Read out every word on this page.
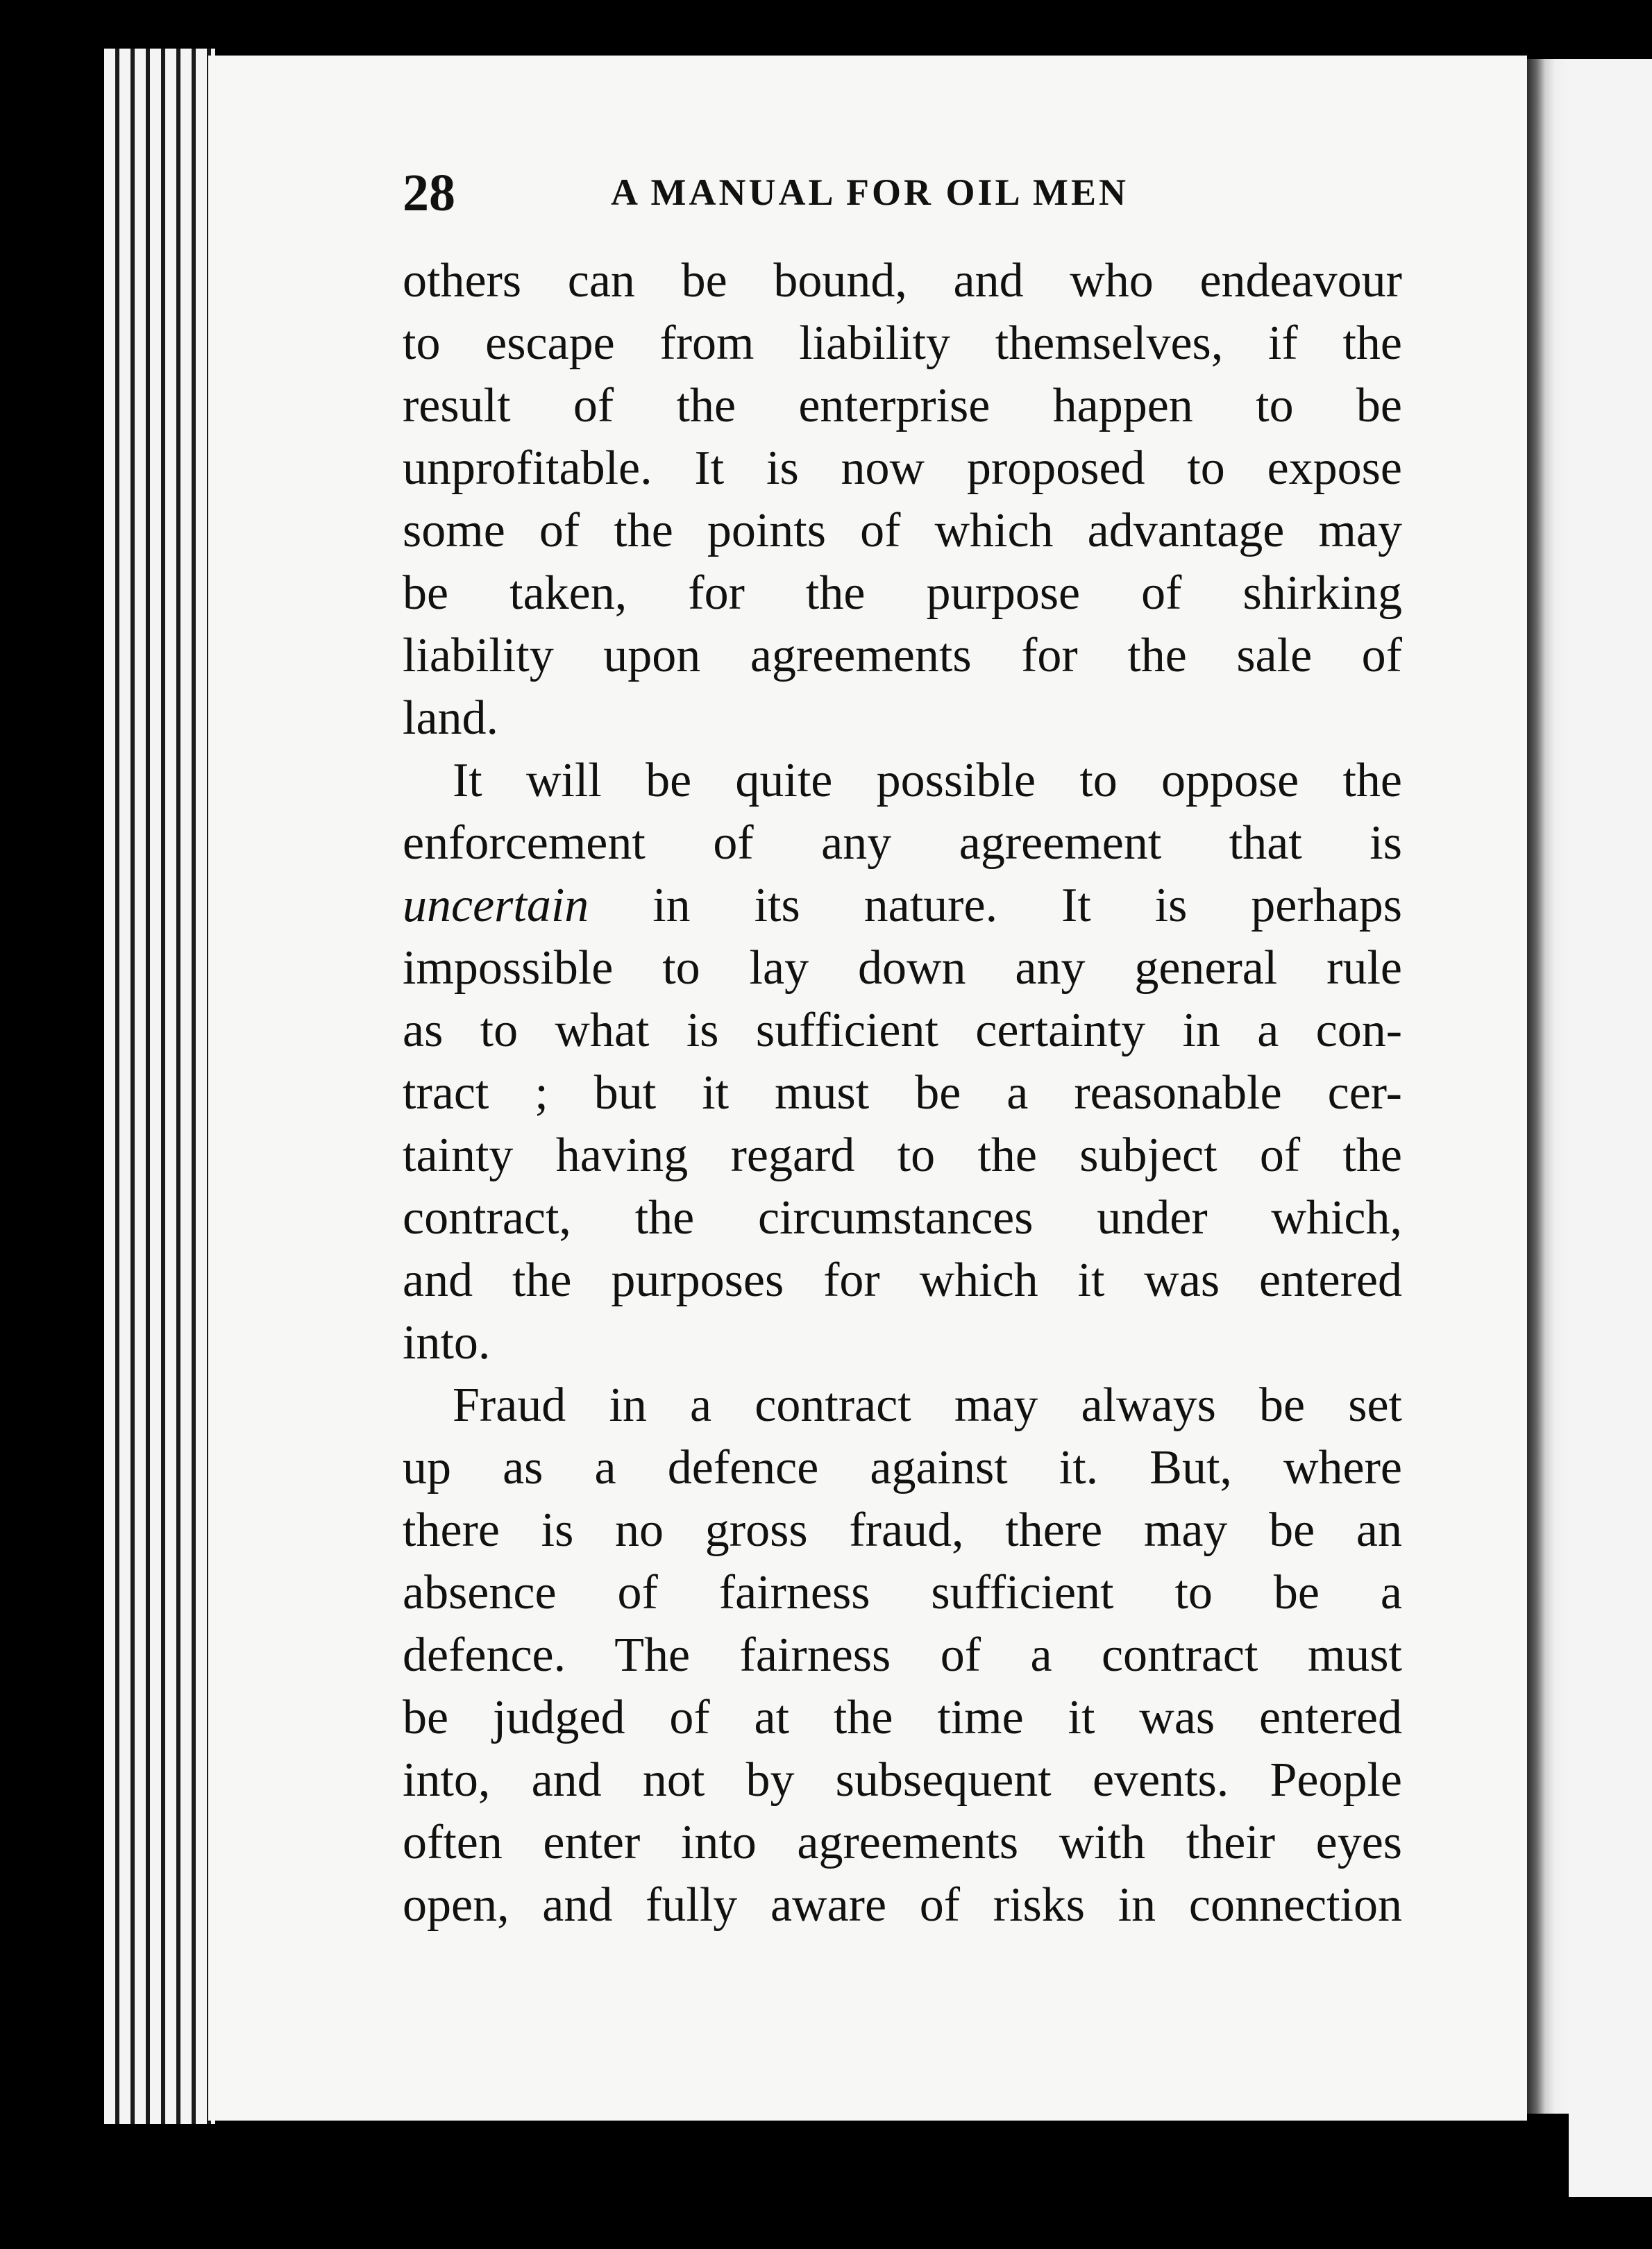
28	A MANUAL FOR OIL MEN
others can be bound, and who endeavour
to escape from liability themselves, if the
result of the enterprise happen to be
unprofitable. It is now proposed to expose
some of the points of which advantage may
be taken, for the purpose of shirking
liability upon agreements for the sale of
land.
It will be quite possible to oppose the
enforcement of any agreement that is
uncertain in its nature. It is perhaps
impossible to lay down any general rule
as to what is sufficient certainty in a con-
tract ; but it must be a reasonable cer-
tainty having regard to the subject of the
contract, the circumstances under which,
and the purposes for which it was entered
into.
Fraud in a contract may always be set
up as a defence against it. But, where
there is no gross fraud, there may be an
absence of fairness sufficient to be a
defence. The fairness of a contract must
be judged of at the time it was entered
into, and not by subsequent events. People
often enter into agreements with their eyes
open, and fully aware of risks in connection
